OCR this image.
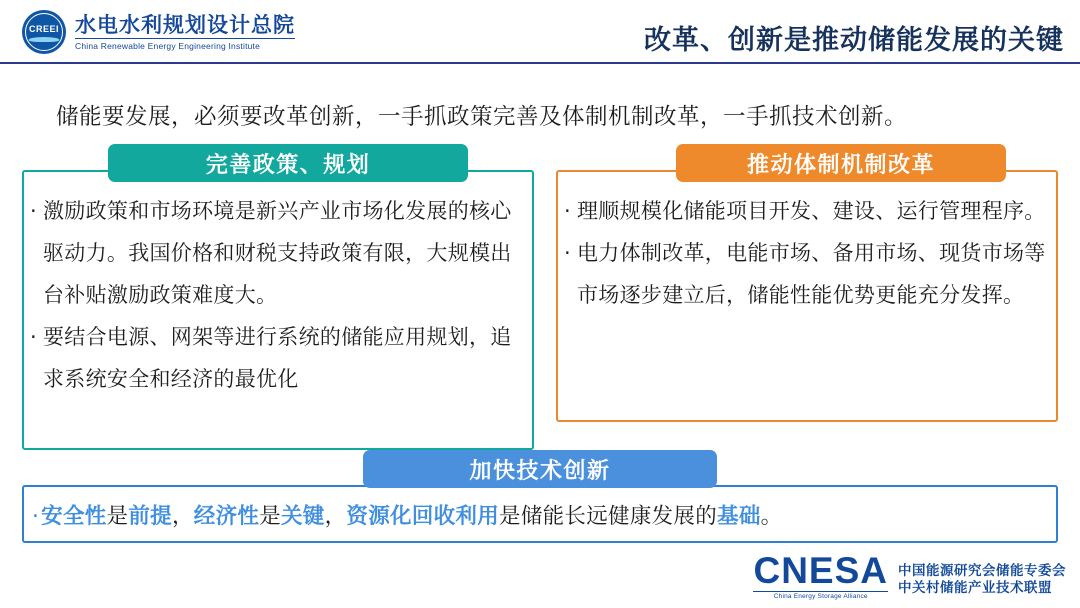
CREEI 水电水利规划设计总院
China Renewable Energy Engineering Institute	改革、创新是推动储能发展的关键
储能要发展，必须要改革创新，一手抓政策完善及体制机制改革，一手抓技术创新。
完善政策、规划
· 激励政策和市场环境是新兴产业市场化发展的核心驱动力。我国价格和财税支持政策有限，大规模出台补贴激励政策难度大。
· 要结合电源、网架等进行系统的储能应用规划，追求系统安全和经济的最优化
推动体制机制改革
· 理顺规模化储能项目开发、建设、运行管理程序。
· 电力体制改革，电能市场、备用市场、现货市场等市场逐步建立后，储能性能优势更能充分发挥。
加快技术创新
·安全性是前提，经济性是关键，资源化回收利用是储能长远健康发展的基础。
CNESA
China Energy Storage Alliance
中国能源研究会储能专委会
中关村储能产业技术联盟
